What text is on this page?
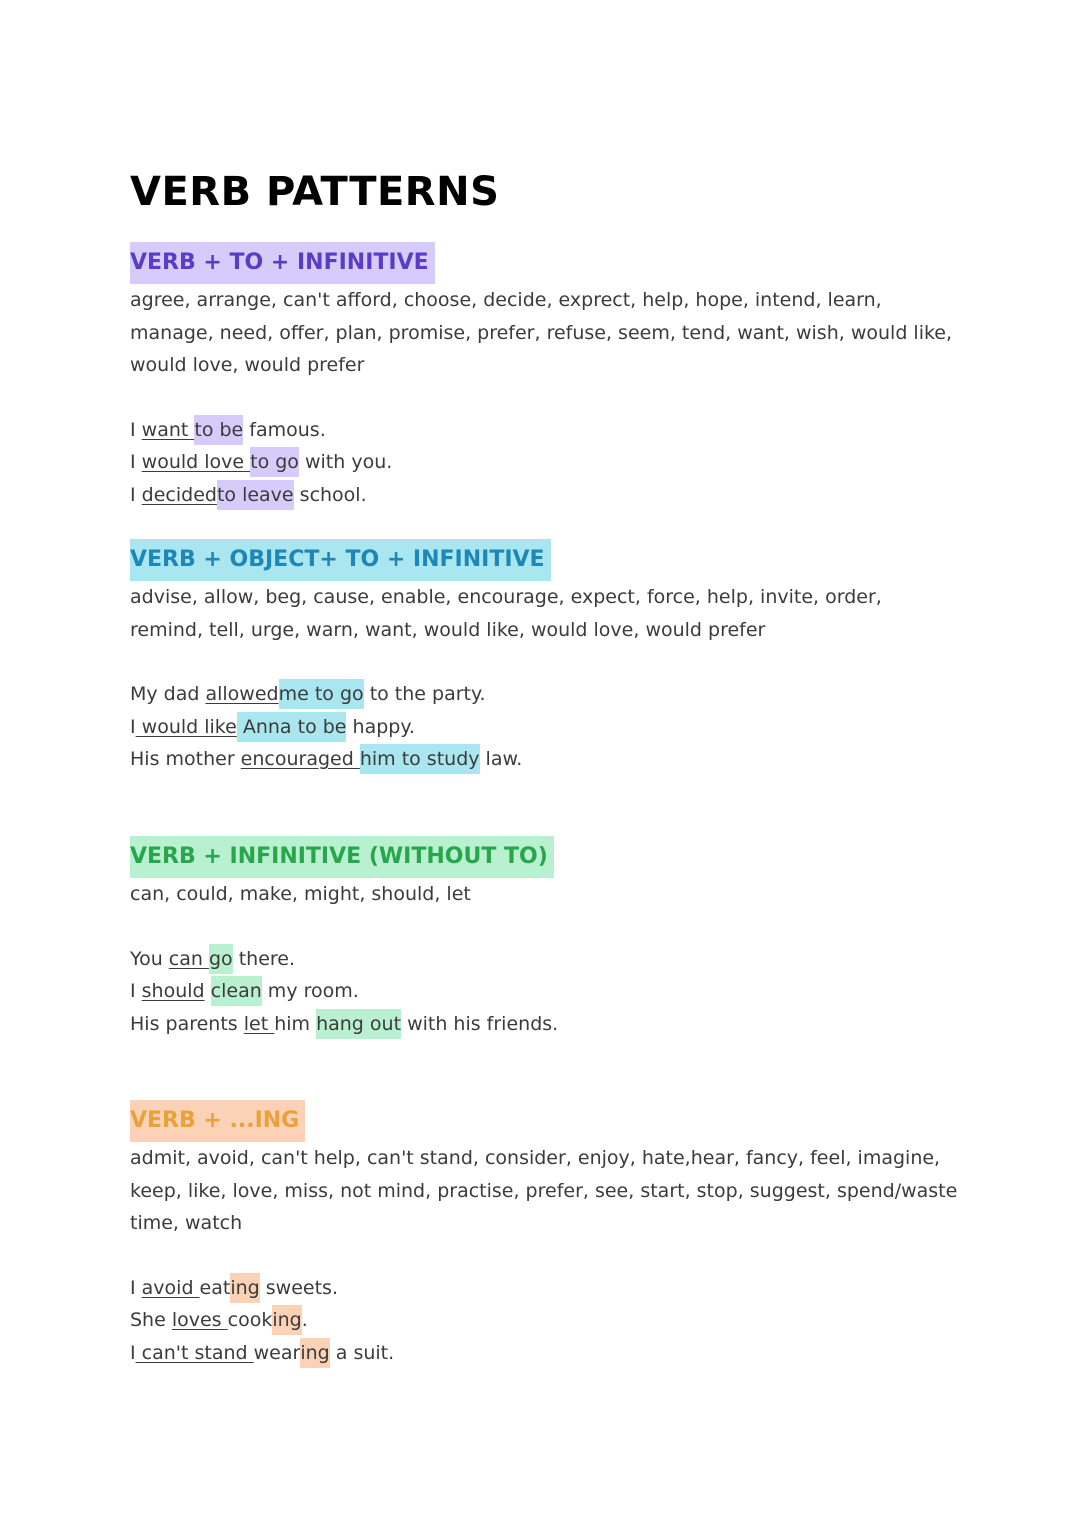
VERB PATTERNS
VERB + TO + INFINITIVE

agree, arrange, can't afford, choose, decide, exprect, help, hope, intend, learn, manage, need, offer, plan, promise, prefer, refuse, seem, tend, want, wish, would like, would love, would prefer

I want to be famous.
I would love to go with you.
I decidedto leave school.
VERB + OBJECT+ TO + INFINITIVE

advise, allow, beg, cause, enable, encourage, expect, force, help, invite, order, remind, tell, urge, warn, want, would like, would love, would prefer

My dad allowedme to go to the party.
I would like Anna to be happy.
His mother encouraged him to study law.
VERB + INFINITIVE (WITHOUT TO)

can, could, make, might, should, let

You can go there.
I should clean my room.
His parents let him hang out with his friends.
VERB + ...ING

admit, avoid, can't help, can't stand, consider, enjoy, hate,hear, fancy, feel, imagine, keep, like, love, miss, not mind, practise, prefer, see, start, stop, suggest, spend/waste time, watch

I avoid eating sweets.
She loves cooking.
I can't stand wearing a suit.
